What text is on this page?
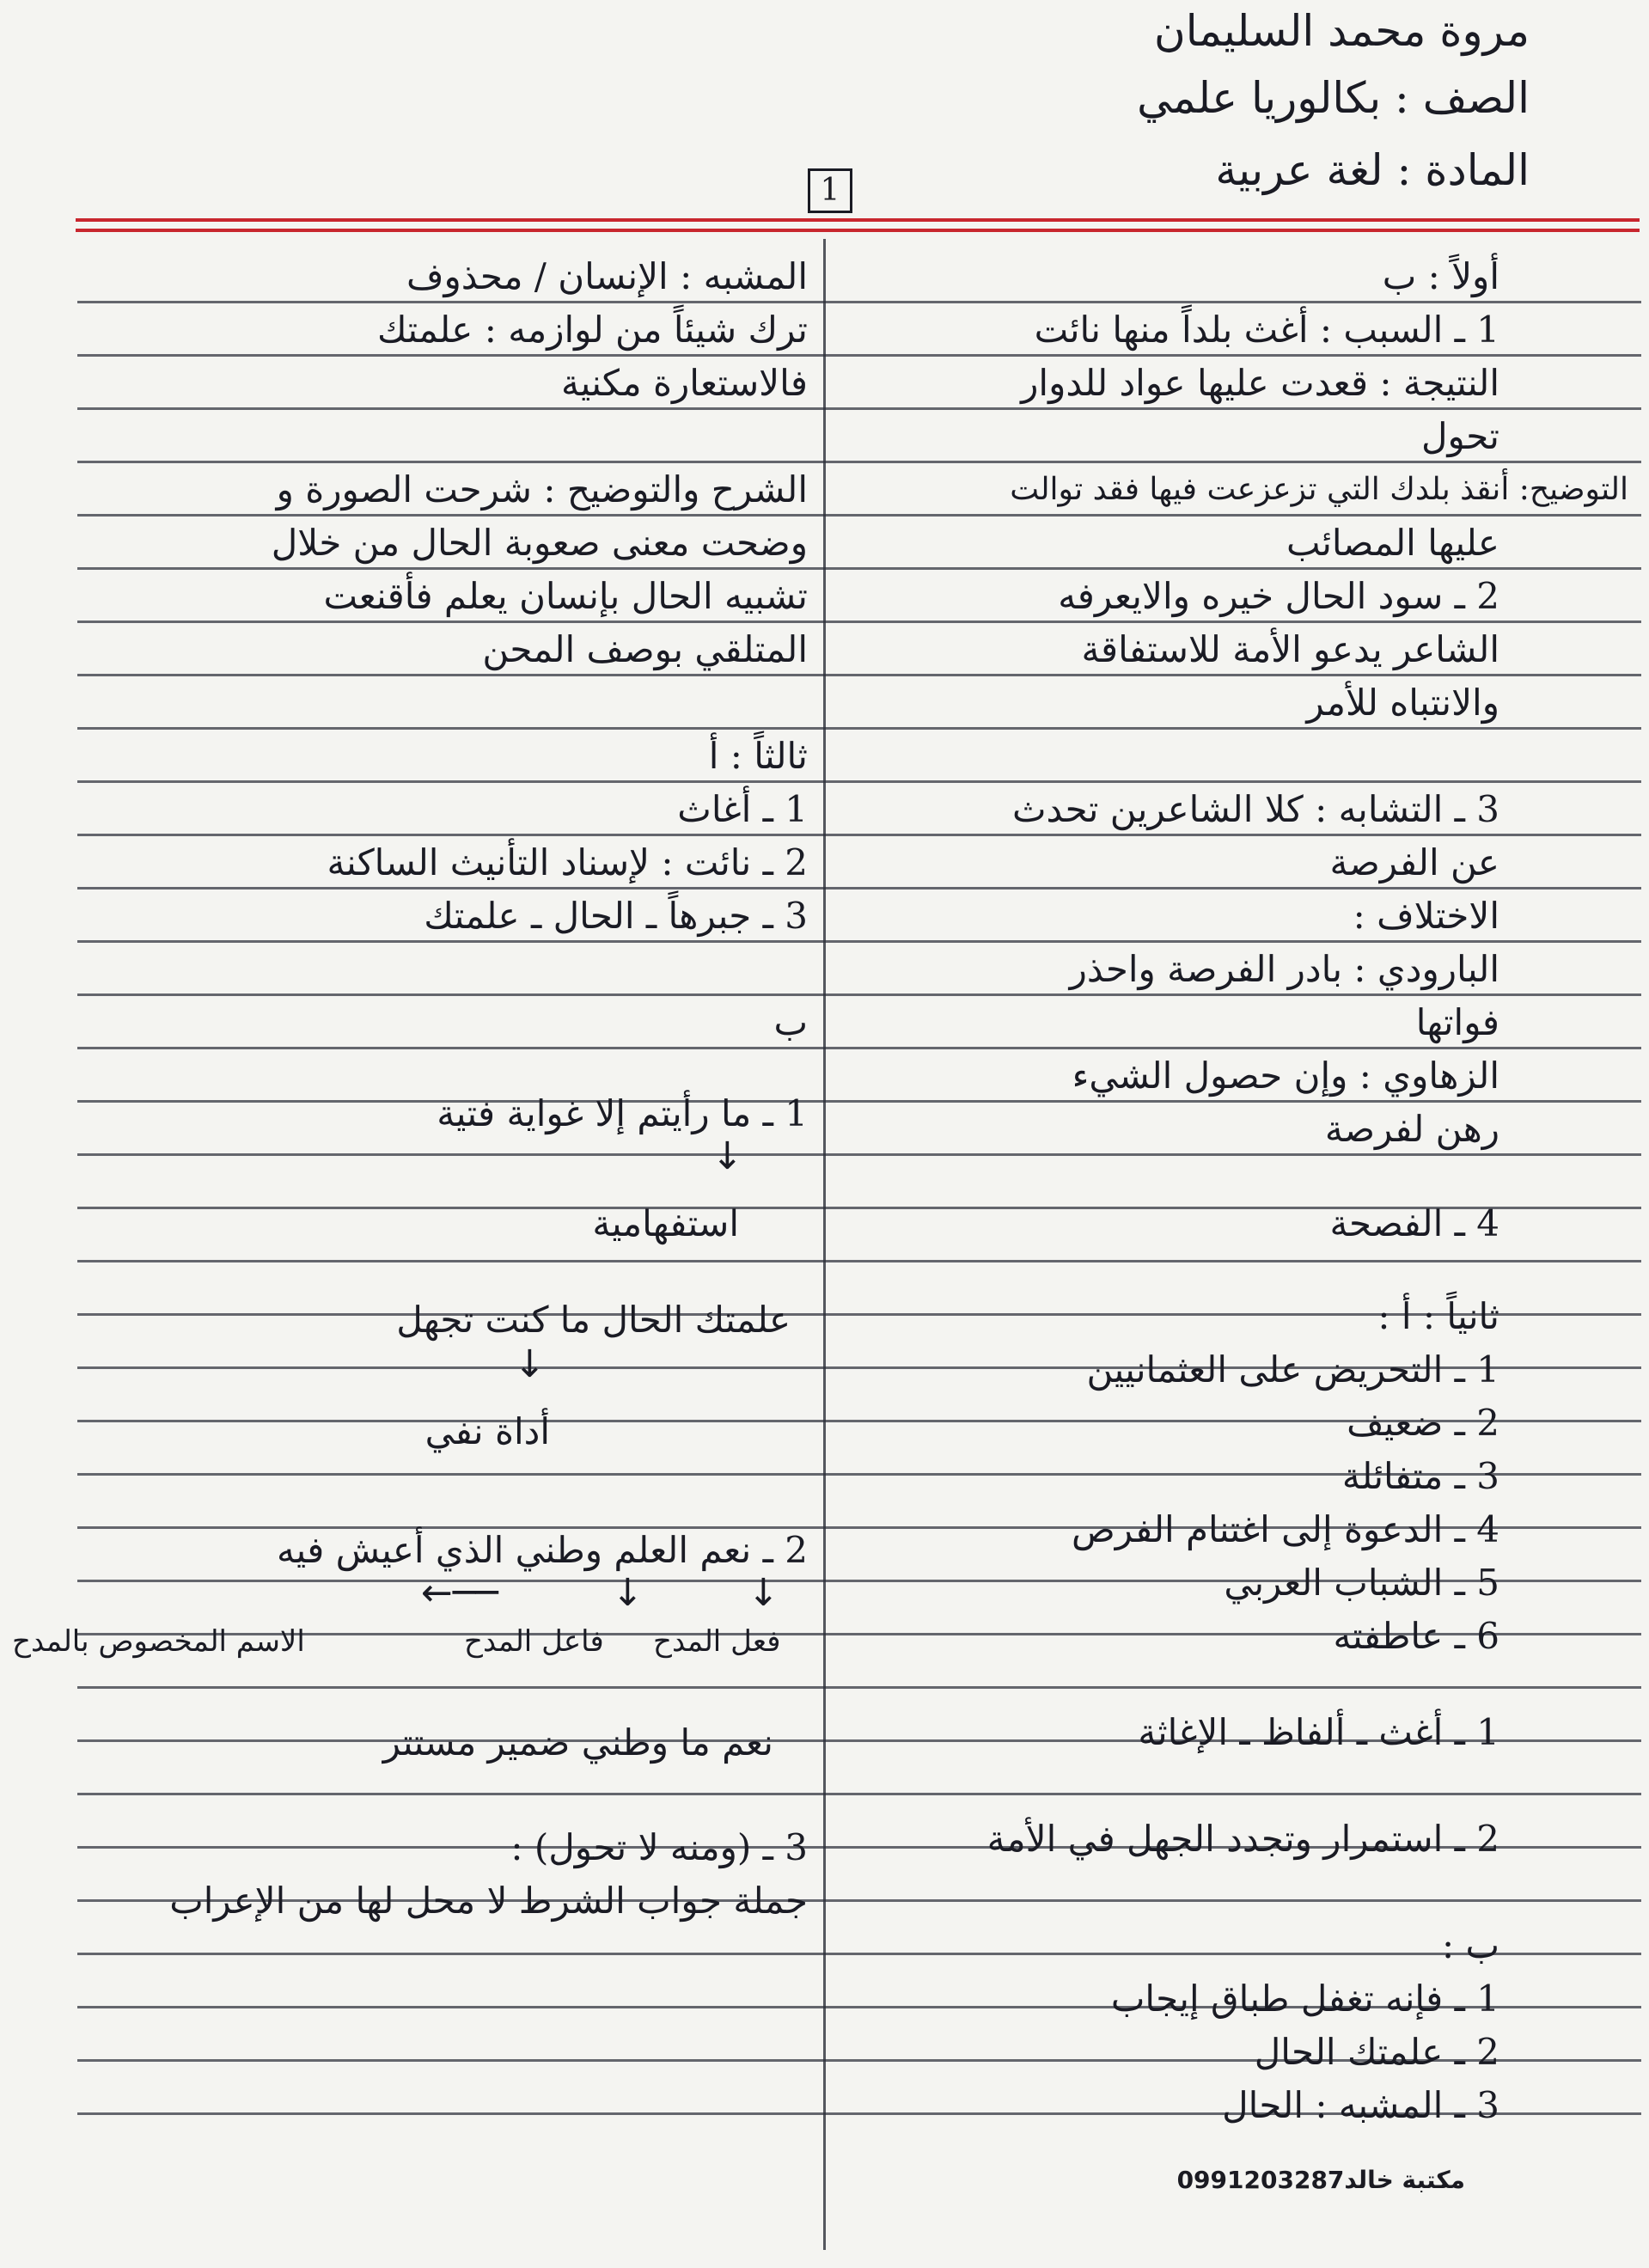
مروة محمد السليمان
الصف : بكالوريا علمي
المادة : لغة عربية
1
أولاً : ب
1 ـ السبب : أغث بلداً منها نائت
النتيجة : قعدت عليها عواد للدوار
تحول
التوضيح: أنقذ بلدك التي تزعزعت فيها فقد توالت
عليها المصائب
2 ـ سود الحال خيره والايعرفه
الشاعر يدعو الأمة للاستفاقة
والانتباه للأمر
3 ـ التشابه : كلا الشاعرين تحدث
عن الفرصة
الاختلاف :
البارودي : بادر الفرصة واحذر
فواتها
الزهاوي : وإن حصول الشيء
رهن لفرصة
4 ـ الفصحة
ثانياً : أ :
1 ـ التحريض على العثمانيين
2 ـ ضعيف
3 ـ متفائلة
4 ـ الدعوة إلى اغتنام الفرص
5 ـ الشباب العربي
6 ـ عاطفته
1 ـ أغث ـ ألفاظ ـ الإغاثة
2 ـ استمرار وتجدد الجهل في الأمة
ب :
1 ـ فإنه تغفل طباق إيجاب
2 ـ علمتك الحال
3 ـ المشبه : الحال
المشبه : الإنسان / محذوف
ترك شيئاً من لوازمه : علمتك
فالاستعارة مكنية
الشرح والتوضيح : شرحت الصورة و
وضحت معنى صعوبة الحال من خلال
تشبيه الحال بإنسان يعلم فأقنعت
المتلقي بوصف المحن
ثالثاً : أ
1 ـ أغاث
2 ـ نائت : لإسناد التأنيث الساكنة
3 ـ جبرهاً ـ الحال ـ علمتك
ب
1 ـ ما رأيتم إلا غواية فتية
↓
استفهامية
علمتك الحال ما كنت تجهل
↓
أداة نفي
2 ـ نعم العلم وطني الذي أعيش فيه
←──	↓	↓
فعل المدح
فاعل المدح
الاسم المخصوص بالمدح
نعم ما وطني ضمير مستتر
3 ـ (ومنه لا تحول) :
جملة جواب الشرط لا محل لها من الإعراب
مكتبة خالد0991203287
